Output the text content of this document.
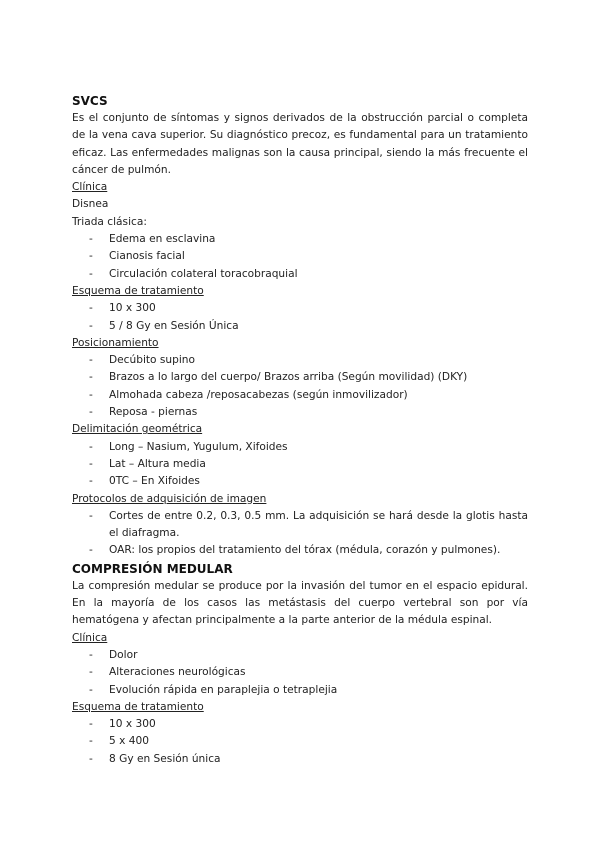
SVCS

Es el conjunto de síntomas y signos derivados de la obstrucción parcial o completa de la vena cava superior. Su diagnóstico precoz, es fundamental para un tratamiento eficaz. Las enfermedades malignas son la causa principal, siendo la más frecuente el cáncer de pulmón.

Clínica

Disnea

Triada clásica:

- Edema en esclavina
- Cianosis facial
- Circulación colateral toracobraquial

Esquema de tratamiento

- 10 x 300
- 5 / 8 Gy en Sesión Única

Posicionamiento

- Decúbito supino
- Brazos a lo largo del cuerpo/ Brazos arriba (Según movilidad) (DKY)
- Almohada cabeza /reposacabezas (según inmovilizador)
- Reposa - piernas

Delimitación geométrica

- Long – Nasium, Yugulum, Xifoides
- Lat – Altura media
- 0TC – En Xifoides

Protocolos de adquisición de imagen

- Cortes de entre 0.2, 0.3, 0.5 mm. La adquisición se hará desde la glotis hasta el diafragma.
- OAR: los propios del tratamiento del tórax (médula, corazón y pulmones).
COMPRESIÓN MEDULAR

La compresión medular se produce por la invasión del tumor en el espacio epidural. En la mayoría de los casos las metástasis del cuerpo vertebral son por vía hematógena y afectan principalmente a la parte anterior de la médula espinal.

Clínica

- Dolor
- Alteraciones neurológicas
- Evolución rápida en paraplejia o tetraplejia

Esquema de tratamiento

- 10 x 300
- 5 x 400
- 8 Gy en Sesión única
